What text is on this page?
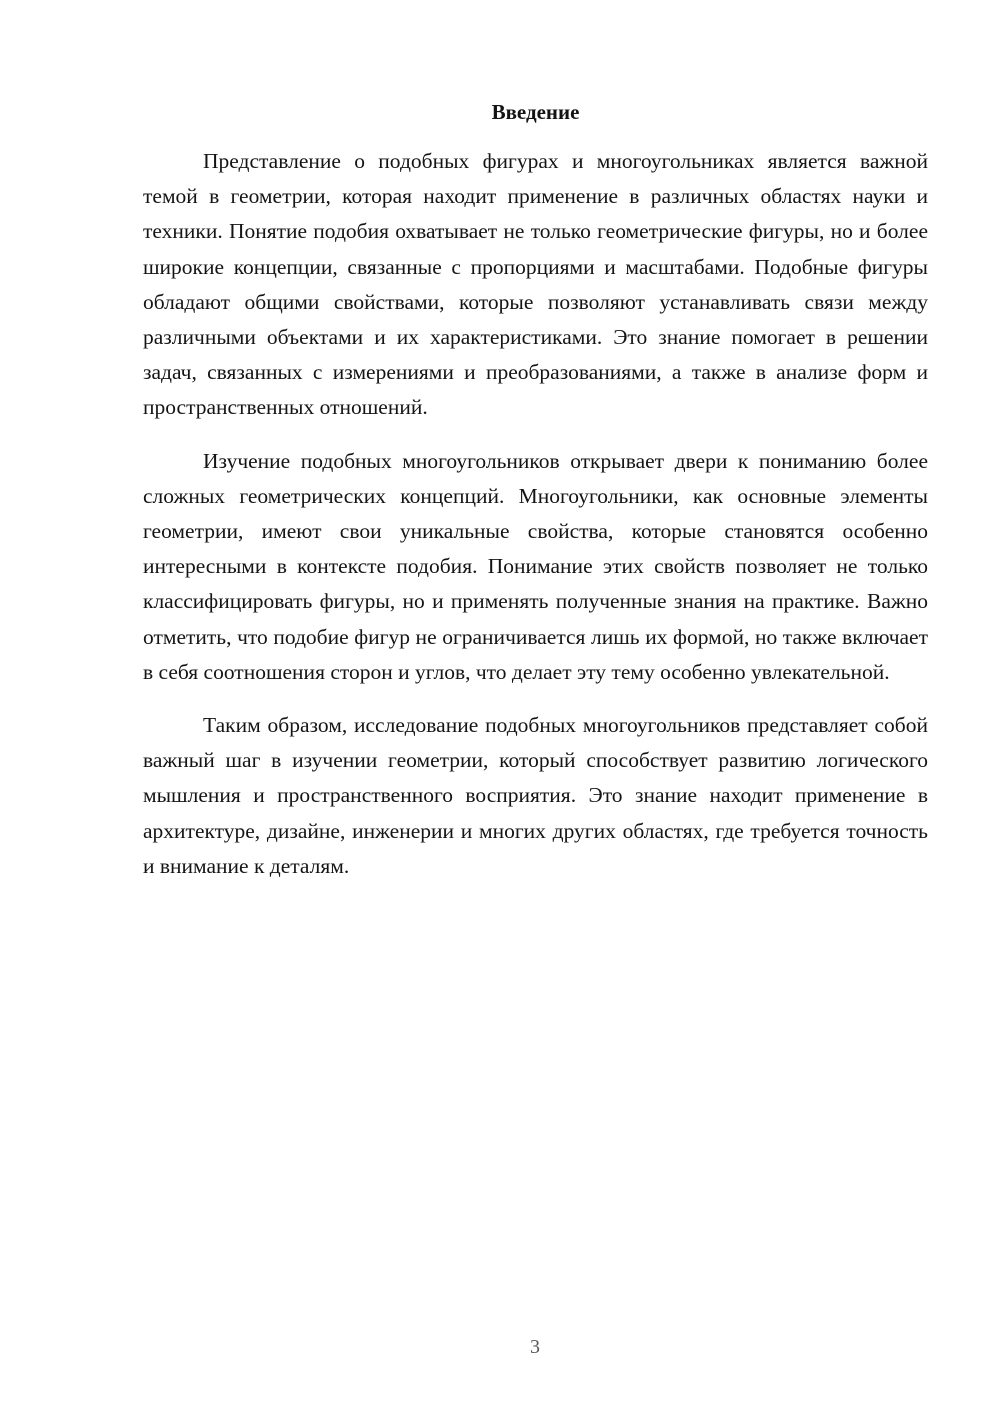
Введение

Представление о подобных фигурах и многоугольниках является важной темой в геометрии, которая находит применение в различных областях науки и техники. Понятие подобия охватывает не только геометрические фигуры, но и более широкие концепции, связанные с пропорциями и масштабами. Подобные фигуры обладают общими свойствами, которые позволяют устанавливать связи между различными объектами и их характеристиками. Это знание помогает в решении задач, связанных с измерениями и преобразованиями, а также в анализе форм и пространственных отношений.

Изучение подобных многоугольников открывает двери к пониманию более сложных геометрических концепций. Многоугольники, как основные элементы геометрии, имеют свои уникальные свойства, которые становятся особенно интересными в контексте подобия. Понимание этих свойств позволяет не только классифицировать фигуры, но и применять полученные знания на практике. Важно отметить, что подобие фигур не ограничивается лишь их формой, но также включает в себя соотношения сторон и углов, что делает эту тему особенно увлекательной.

Таким образом, исследование подобных многоугольников представляет собой важный шаг в изучении геометрии, который способствует развитию логического мышления и пространственного восприятия. Это знание находит применение в архитектуре, дизайне, инженерии и многих других областях, где требуется точность и внимание к деталям.

3
